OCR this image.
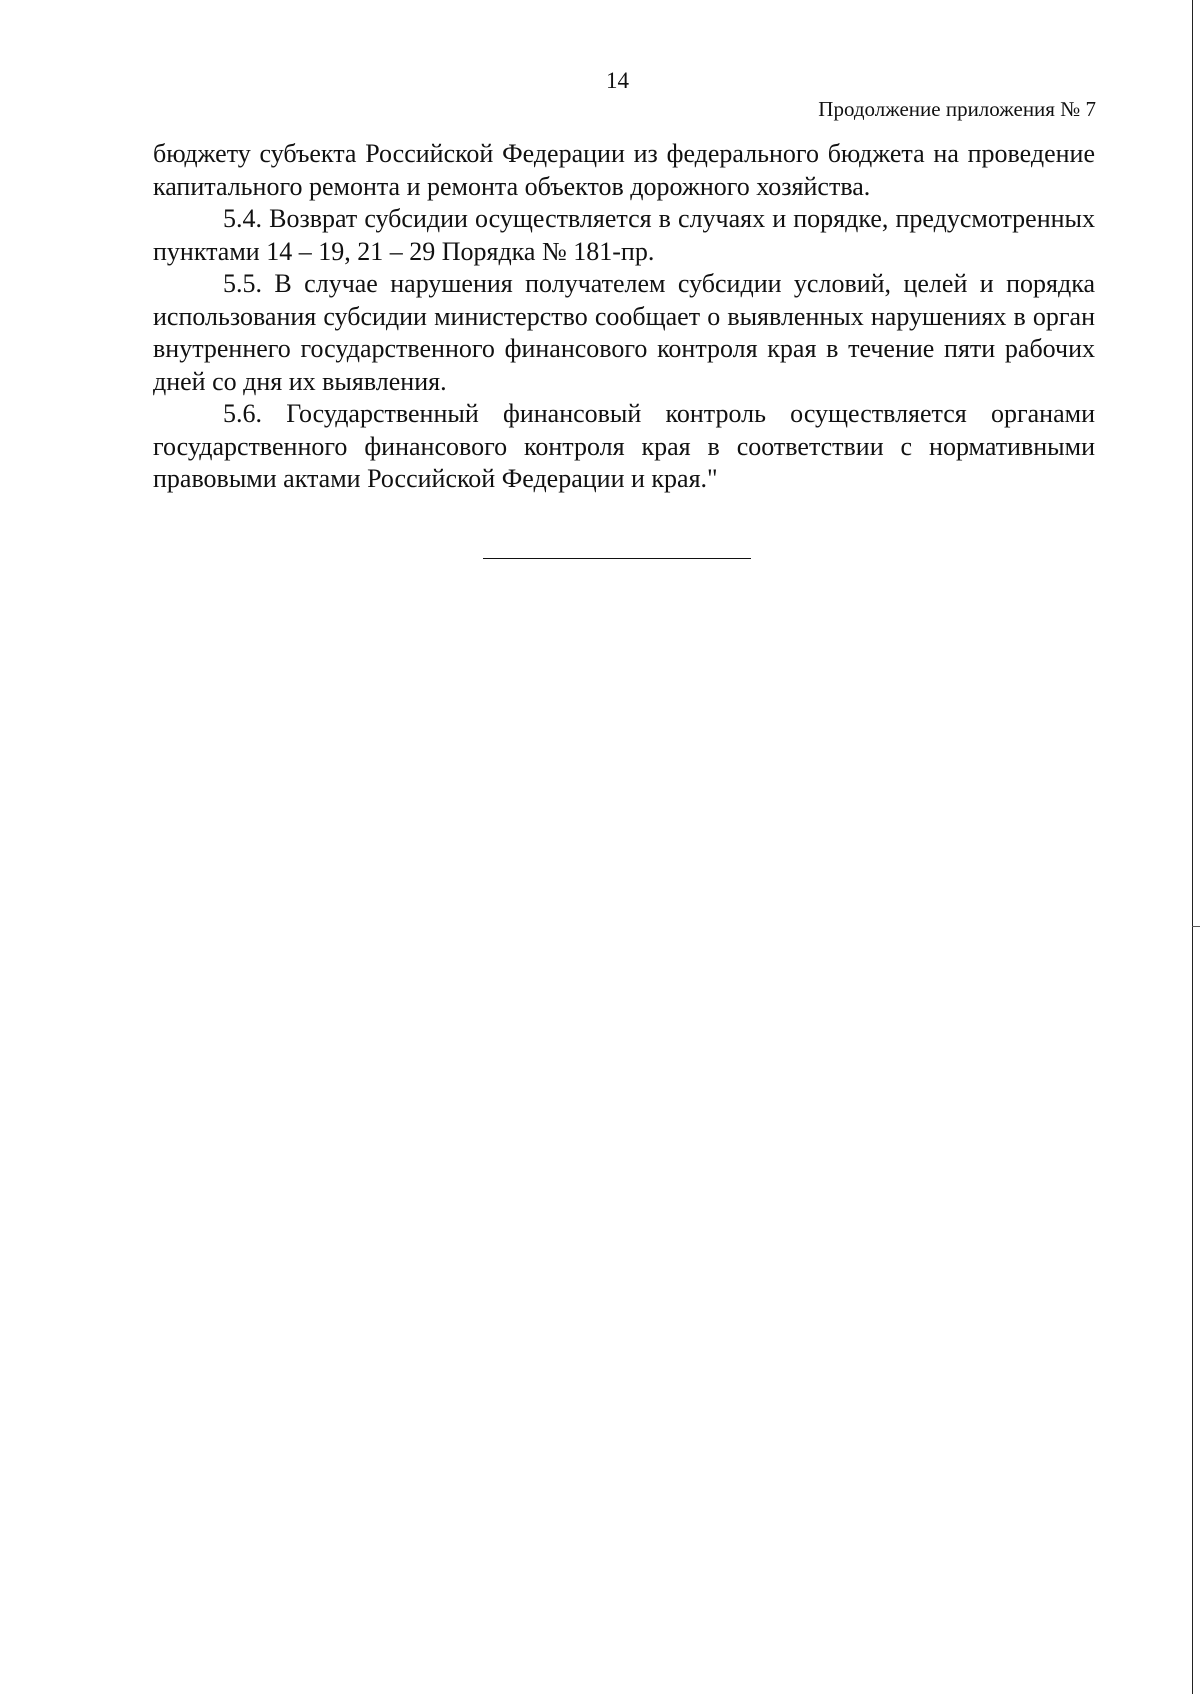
14
Продолжение приложения № 7

бюджету субъекта Российской Федерации из федерального бюджета на проведение капитального ремонта и ремонта объектов дорожного хозяйства.

5.4. Возврат субсидии осуществляется в случаях и порядке, предусмотренных пунктами 14 – 19, 21 – 29 Порядка № 181-пр.

5.5. В случае нарушения получателем субсидии условий, целей и порядка использования субсидии министерство сообщает о выявленных нарушениях в орган внутреннего государственного финансового контроля края в течение пяти рабочих дней со дня их выявления.

5.6. Государственный финансовый контроль осуществляется органами государственного финансового контроля края в соответствии с нормативными правовыми актами Российской Федерации и края."
